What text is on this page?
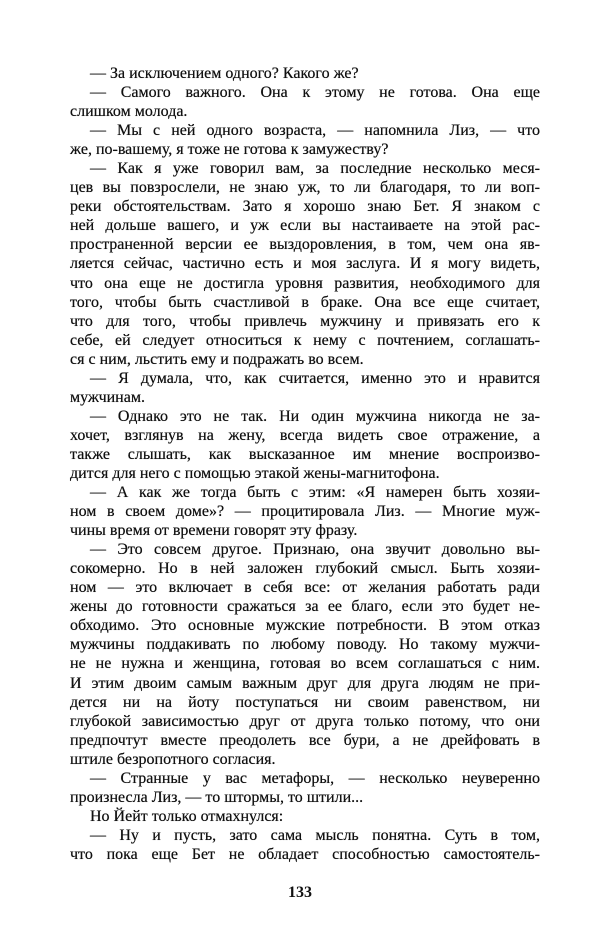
— За исключением одного? Какого же?
— Самого важного. Она к этому не готова. Она еще
слишком молода.
— Мы с ней одного возраста, — напомнила Лиз, — что
же, по-вашему, я тоже не готова к замужеству?
— Как я уже говорил вам, за последние несколько меся-
цев вы повзрослели, не знаю уж, то ли благодаря, то ли воп-
реки обстоятельствам. Зато я хорошо знаю Бет. Я знаком с
ней дольше вашего, и уж если вы настаиваете на этой рас-
пространенной версии ее выздоровления, в том, чем она яв-
ляется сейчас, частично есть и моя заслуга. И я могу видеть,
что она еще не достигла уровня развития, необходимого для
того, чтобы быть счастливой в браке. Она все еще считает,
что для того, чтобы привлечь мужчину и привязать его к
себе, ей следует относиться к нему с почтением, соглашать-
ся с ним, льстить ему и подражать во всем.
— Я думала, что, как считается, именно это и нравится
мужчинам.
— Однако это не так. Ни один мужчина никогда не за-
хочет, взглянув на жену, всегда видеть свое отражение, а
также слышать, как высказанное им мнение воспроизво-
дится для него с помощью этакой жены-магнитофона.
— А как же тогда быть с этим: «Я намерен быть хозяи-
ном в своем доме»? — процитировала Лиз. — Многие муж-
чины время от времени говорят эту фразу.
— Это совсем другое. Признаю, она звучит довольно вы-
сокомерно. Но в ней заложен глубокий смысл. Быть хозяи-
ном — это включает в себя все: от желания работать ради
жены до готовности сражаться за ее благо, если это будет не-
обходимо. Это основные мужские потребности. В этом отказ
мужчины поддакивать по любому поводу. Но такому мужчи-
не не нужна и женщина, готовая во всем соглашаться с ним.
И этим двоим самым важным друг для друга людям не при-
дется ни на йоту поступаться ни своим равенством, ни
глубокой зависимостью друг от друга только потому, что они
предпочтут вместе преодолеть все бури, а не дрейфовать в
штиле безропотного согласия.
— Странные у вас метафоры, — несколько неуверенно
произнесла Лиз, — то штормы, то штили...
Но Йейт только отмахнулся:
— Ну и пусть, зато сама мысль понятна. Суть в том,
что пока еще Бет не обладает способностью самостоятель-
133
